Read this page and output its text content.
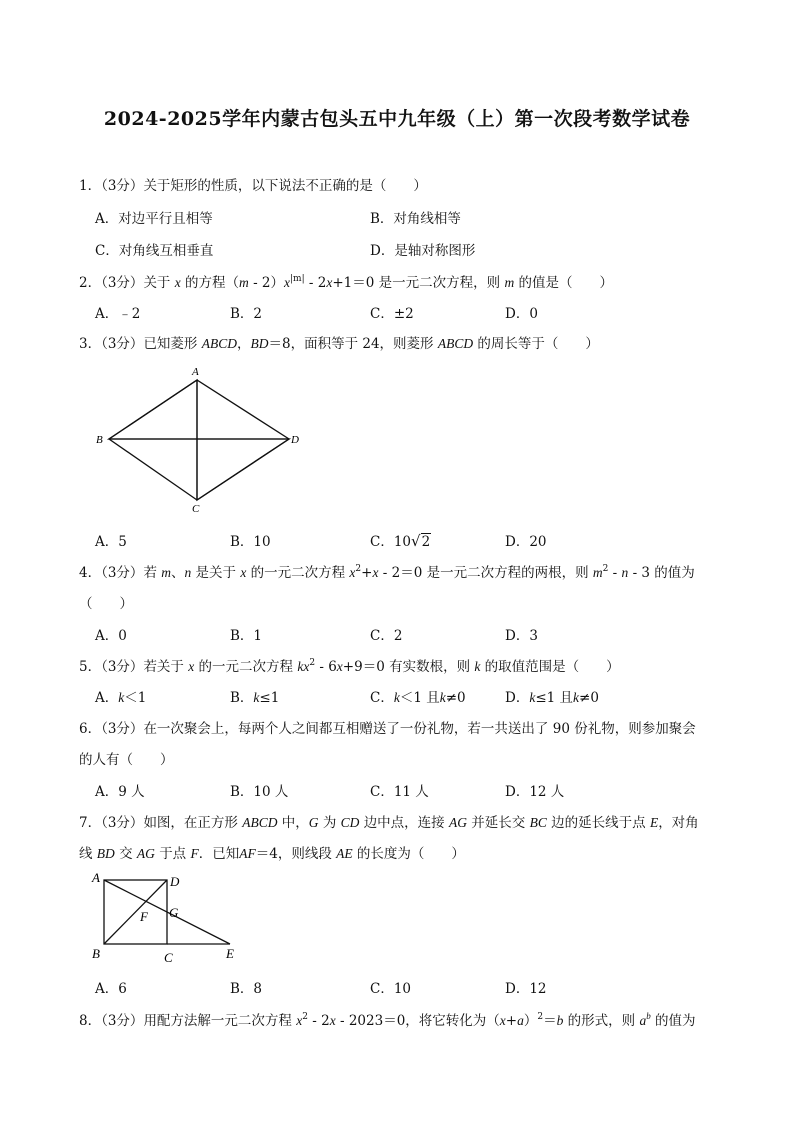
2024-2025学年内蒙古包头五中九年级（上）第一次段考数学试卷
1．（3分）关于矩形的性质，以下说法不正确的是（　　）
A．对边平行且相等	B．对角线相等
C．对角线互相垂直	D．是轴对称图形
2．（3分）关于 x 的方程$(m - 2)x^{|m|} - 2x+1=0$ 是一元二次方程，则 m 的值是（　　）
A．﹣2	B．2	C．±2	D．0
3．（3分）已知菱形 ABCD，BD＝8，面积等于 24，则菱形 ABCD 的周长等于（　　）
A
B
C
D
A．5	B．10	C．10√2	D．20
4．（3分）若 m、n 是关于 x 的一元二次方程 $x^2+x - 2=0$ 是一元二次方程的两根，则 $m^2$ - n - 3 的值为
（　　）
A．0	B．1	C．2	D．3
5．（3分）若关于 x 的一元二次方程 $kx^2 - 6x+9=0$ 有实数根，则 k 的取值范围是（　　）
A．k＜1	B．k≤1	C．k＜1 且k≠0	D．k≤1 且k≠0
6．（3分）在一次聚会上，每两个人之间都互相赠送了一份礼物，若一共送出了 90 份礼物，则参加聚会
的人有（　　）
A．9 人	B．10 人	C．11 人	D．12 人
7．（3分）如图，在正方形 ABCD 中，G 为 CD 边中点，连接 AG 并延长交 BC 边的延长线于点 E，对角
线 BD 交 AG 于点 F．已知AF＝4，则线段 AE 的长度为（　　）
A	D
F G
B	C	E
A．6	B．8	C．10	D．12
8．（3分）用配方法解一元二次方程 $x^2 - 2x - 2023=0$，将它转化为$(x+a)^2=b$ 的形式，则 $a^b$ 的值为
